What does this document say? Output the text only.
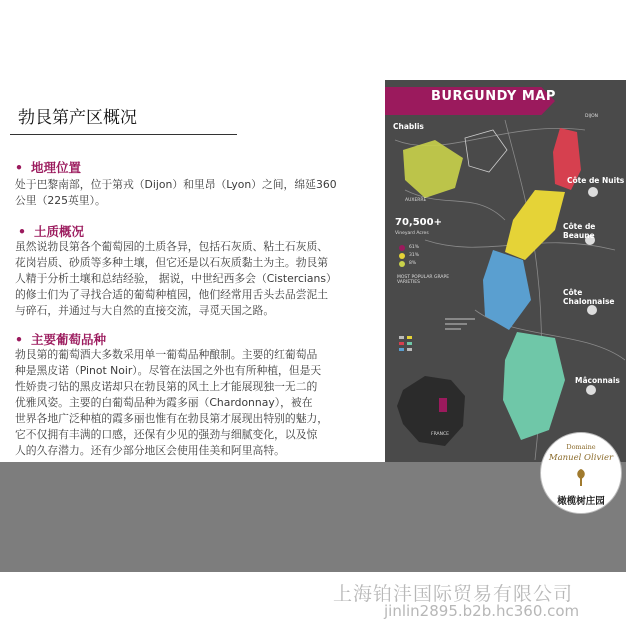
勃艮第产区概况
• 地理位置
处于巴黎南部，位于第戎（Dijon）和里昂（Lyon）之间，绵延360
公里（225英里）。
• 土质概况
虽然说勃艮第各个葡萄园的土质各异，包括石灰质、粘土石灰质、
花岗岩质、砂质等多种土壤，但它还是以石灰质黏土为主。勃艮第
人精于分析土壤和总结经验， 据说，中世纪西多会（Cistercians）
的修士们为了寻找合适的葡萄种植园，他们经常用舌头去品尝泥土
与碎石，并通过与大自然的直接交流，寻觅天国之路。
• 主要葡萄品种
勃艮第的葡萄酒大多数采用单一葡萄品种酿制。主要的红葡萄品
种是黑皮诺（Pinot Noir）。尽管在法国之外也有所种植，但是天
性娇贵刁钻的黑皮诺却只在勃艮第的风土上才能展现独一无二的
优雅风姿。主要的白葡萄品种为霞多丽（Chardonnay），被在
世界各地广泛种植的霞多丽也惟有在勃艮第才展现出特别的魅力，
它不仅拥有丰满的口感，还保有少见的强劲与细腻变化，以及惊
人的久存潜力。还有少部分地区会使用佳美和阿里高特。
BURGUNDY MAP
Chablis
AUXERRE
DIJON
Côte de Nuits
Côte de Beaune
Côte Chalonnaise
Mâconnais
70,500+
Vineyard Acres
61%
31%
8%
MOST POPULAR GRAPE VARIETIES
FRANCE
Domaine
Manuel Olivier
橄榄树庄园
上海铂沣国际贸易有限公司
jinlin2895.b2b.hc360.com
